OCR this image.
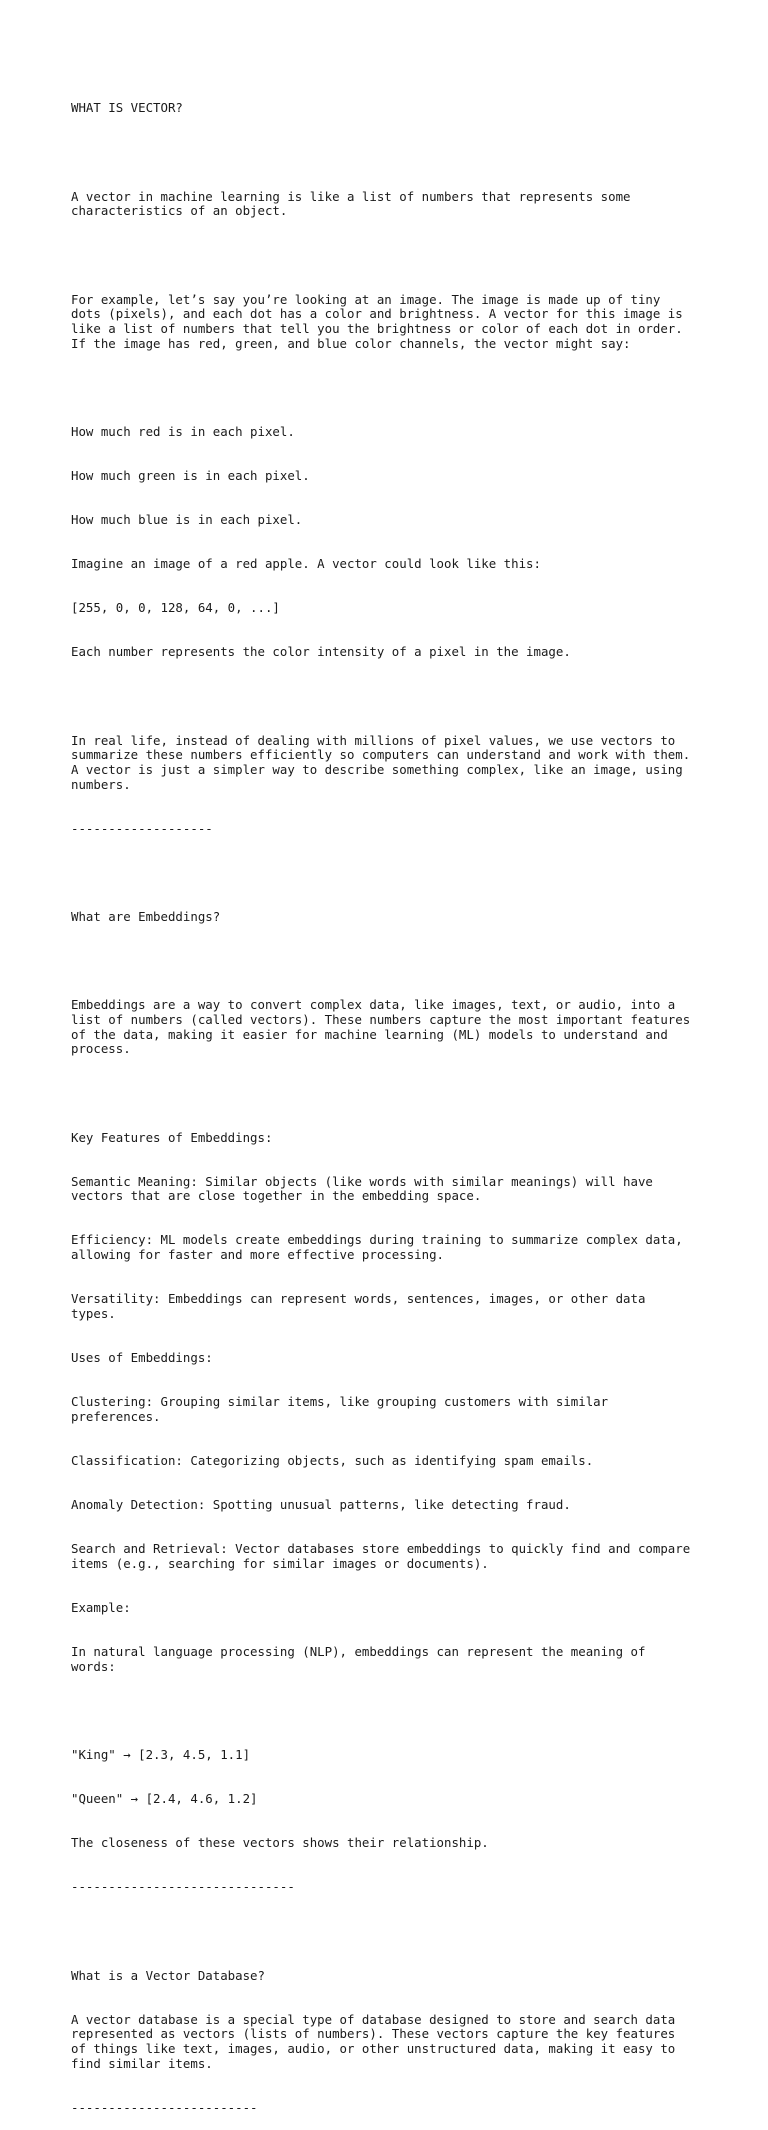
WHAT IS VECTOR?

A vector in machine learning is like a list of numbers that represents some
characteristics of an object.

For example, let’s say you’re looking at an image. The image is made up of tiny
dots (pixels), and each dot has a color and brightness. A vector for this image is
like a list of numbers that tell you the brightness or color of each dot in order.
If the image has red, green, and blue color channels, the vector might say:

How much red is in each pixel.

How much green is in each pixel.

How much blue is in each pixel.

Imagine an image of a red apple. A vector could look like this:

[255, 0, 0, 128, 64, 0, ...]

Each number represents the color intensity of a pixel in the image.

In real life, instead of dealing with millions of pixel values, we use vectors to
summarize these numbers efficiently so computers can understand and work with them.
A vector is just a simpler way to describe something complex, like an image, using
numbers.

-------------------

What are Embeddings?

Embeddings are a way to convert complex data, like images, text, or audio, into a
list of numbers (called vectors). These numbers capture the most important features
of the data, making it easier for machine learning (ML) models to understand and
process.

Key Features of Embeddings:

Semantic Meaning: Similar objects (like words with similar meanings) will have
vectors that are close together in the embedding space.

Efficiency: ML models create embeddings during training to summarize complex data,
allowing for faster and more effective processing.

Versatility: Embeddings can represent words, sentences, images, or other data
types.

Uses of Embeddings:

Clustering: Grouping similar items, like grouping customers with similar
preferences.

Classification: Categorizing objects, such as identifying spam emails.

Anomaly Detection: Spotting unusual patterns, like detecting fraud.

Search and Retrieval: Vector databases store embeddings to quickly find and compare
items (e.g., searching for similar images or documents).

Example:

In natural language processing (NLP), embeddings can represent the meaning of
words:

"King" → [2.3, 4.5, 1.1]

"Queen" → [2.4, 4.6, 1.2]

The closeness of these vectors shows their relationship.

------------------------------

What is a Vector Database?

A vector database is a special type of database designed to store and search data
represented as vectors (lists of numbers). These vectors capture the key features
of things like text, images, audio, or other unstructured data, making it easy to
find similar items.

-------------------------
